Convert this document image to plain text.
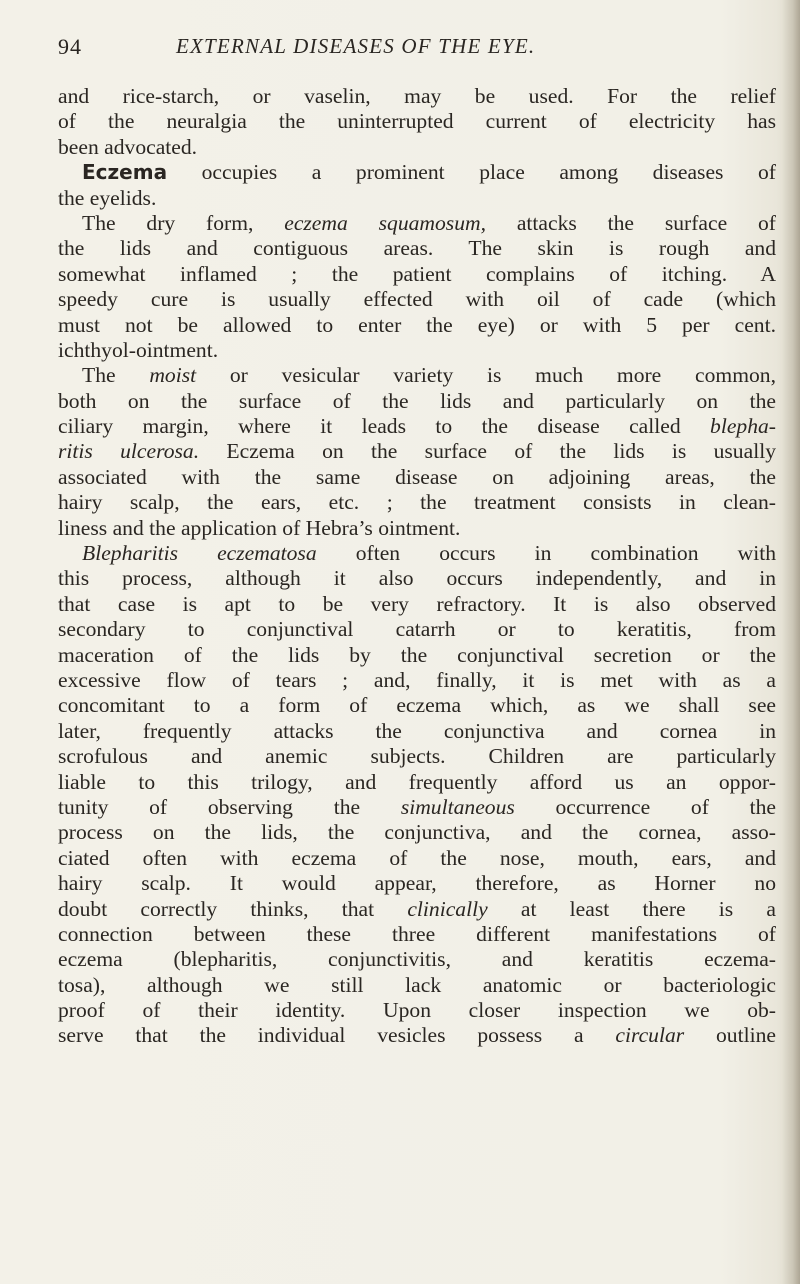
94	EXTERNAL DISEASES OF THE EYE.
and rice-starch, or vaselin, may be used. For the relief
of the neuralgia the uninterrupted current of electricity has
been advocated.
Eczema occupies a prominent place among diseases of
the eyelids.
The dry form, eczema squamosum, attacks the surface of
the lids and contiguous areas. The skin is rough and
somewhat inflamed ; the patient complains of itching. A
speedy cure is usually effected with oil of cade (which
must not be allowed to enter the eye) or with 5 per cent.
ichthyol-ointment.
The moist or vesicular variety is much more common,
both on the surface of the lids and particularly on the
ciliary margin, where it leads to the disease called blepha-
ritis ulcerosa. Eczema on the surface of the lids is usually
associated with the same disease on adjoining areas, the
hairy scalp, the ears, etc. ; the treatment consists in clean-
liness and the application of Hebra’s ointment.
Blepharitis eczematosa often occurs in combination with
this process, although it also occurs independently, and in
that case is apt to be very refractory. It is also observed
secondary to conjunctival catarrh or to keratitis, from
maceration of the lids by the conjunctival secretion or the
excessive flow of tears ; and, finally, it is met with as a
concomitant to a form of eczema which, as we shall see
later, frequently attacks the conjunctiva and cornea in
scrofulous and anemic subjects. Children are particularly
liable to this trilogy, and frequently afford us an oppor-
tunity of observing the simultaneous occurrence of the
process on the lids, the conjunctiva, and the cornea, asso-
ciated often with eczema of the nose, mouth, ears, and
hairy scalp. It would appear, therefore, as Horner no
doubt correctly thinks, that clinically at least there is a
connection between these three different manifestations of
eczema (blepharitis, conjunctivitis, and keratitis eczema-
tosa), although we still lack anatomic or bacteriologic
proof of their identity. Upon closer inspection we ob-
serve that the individual vesicles possess a circular outline
